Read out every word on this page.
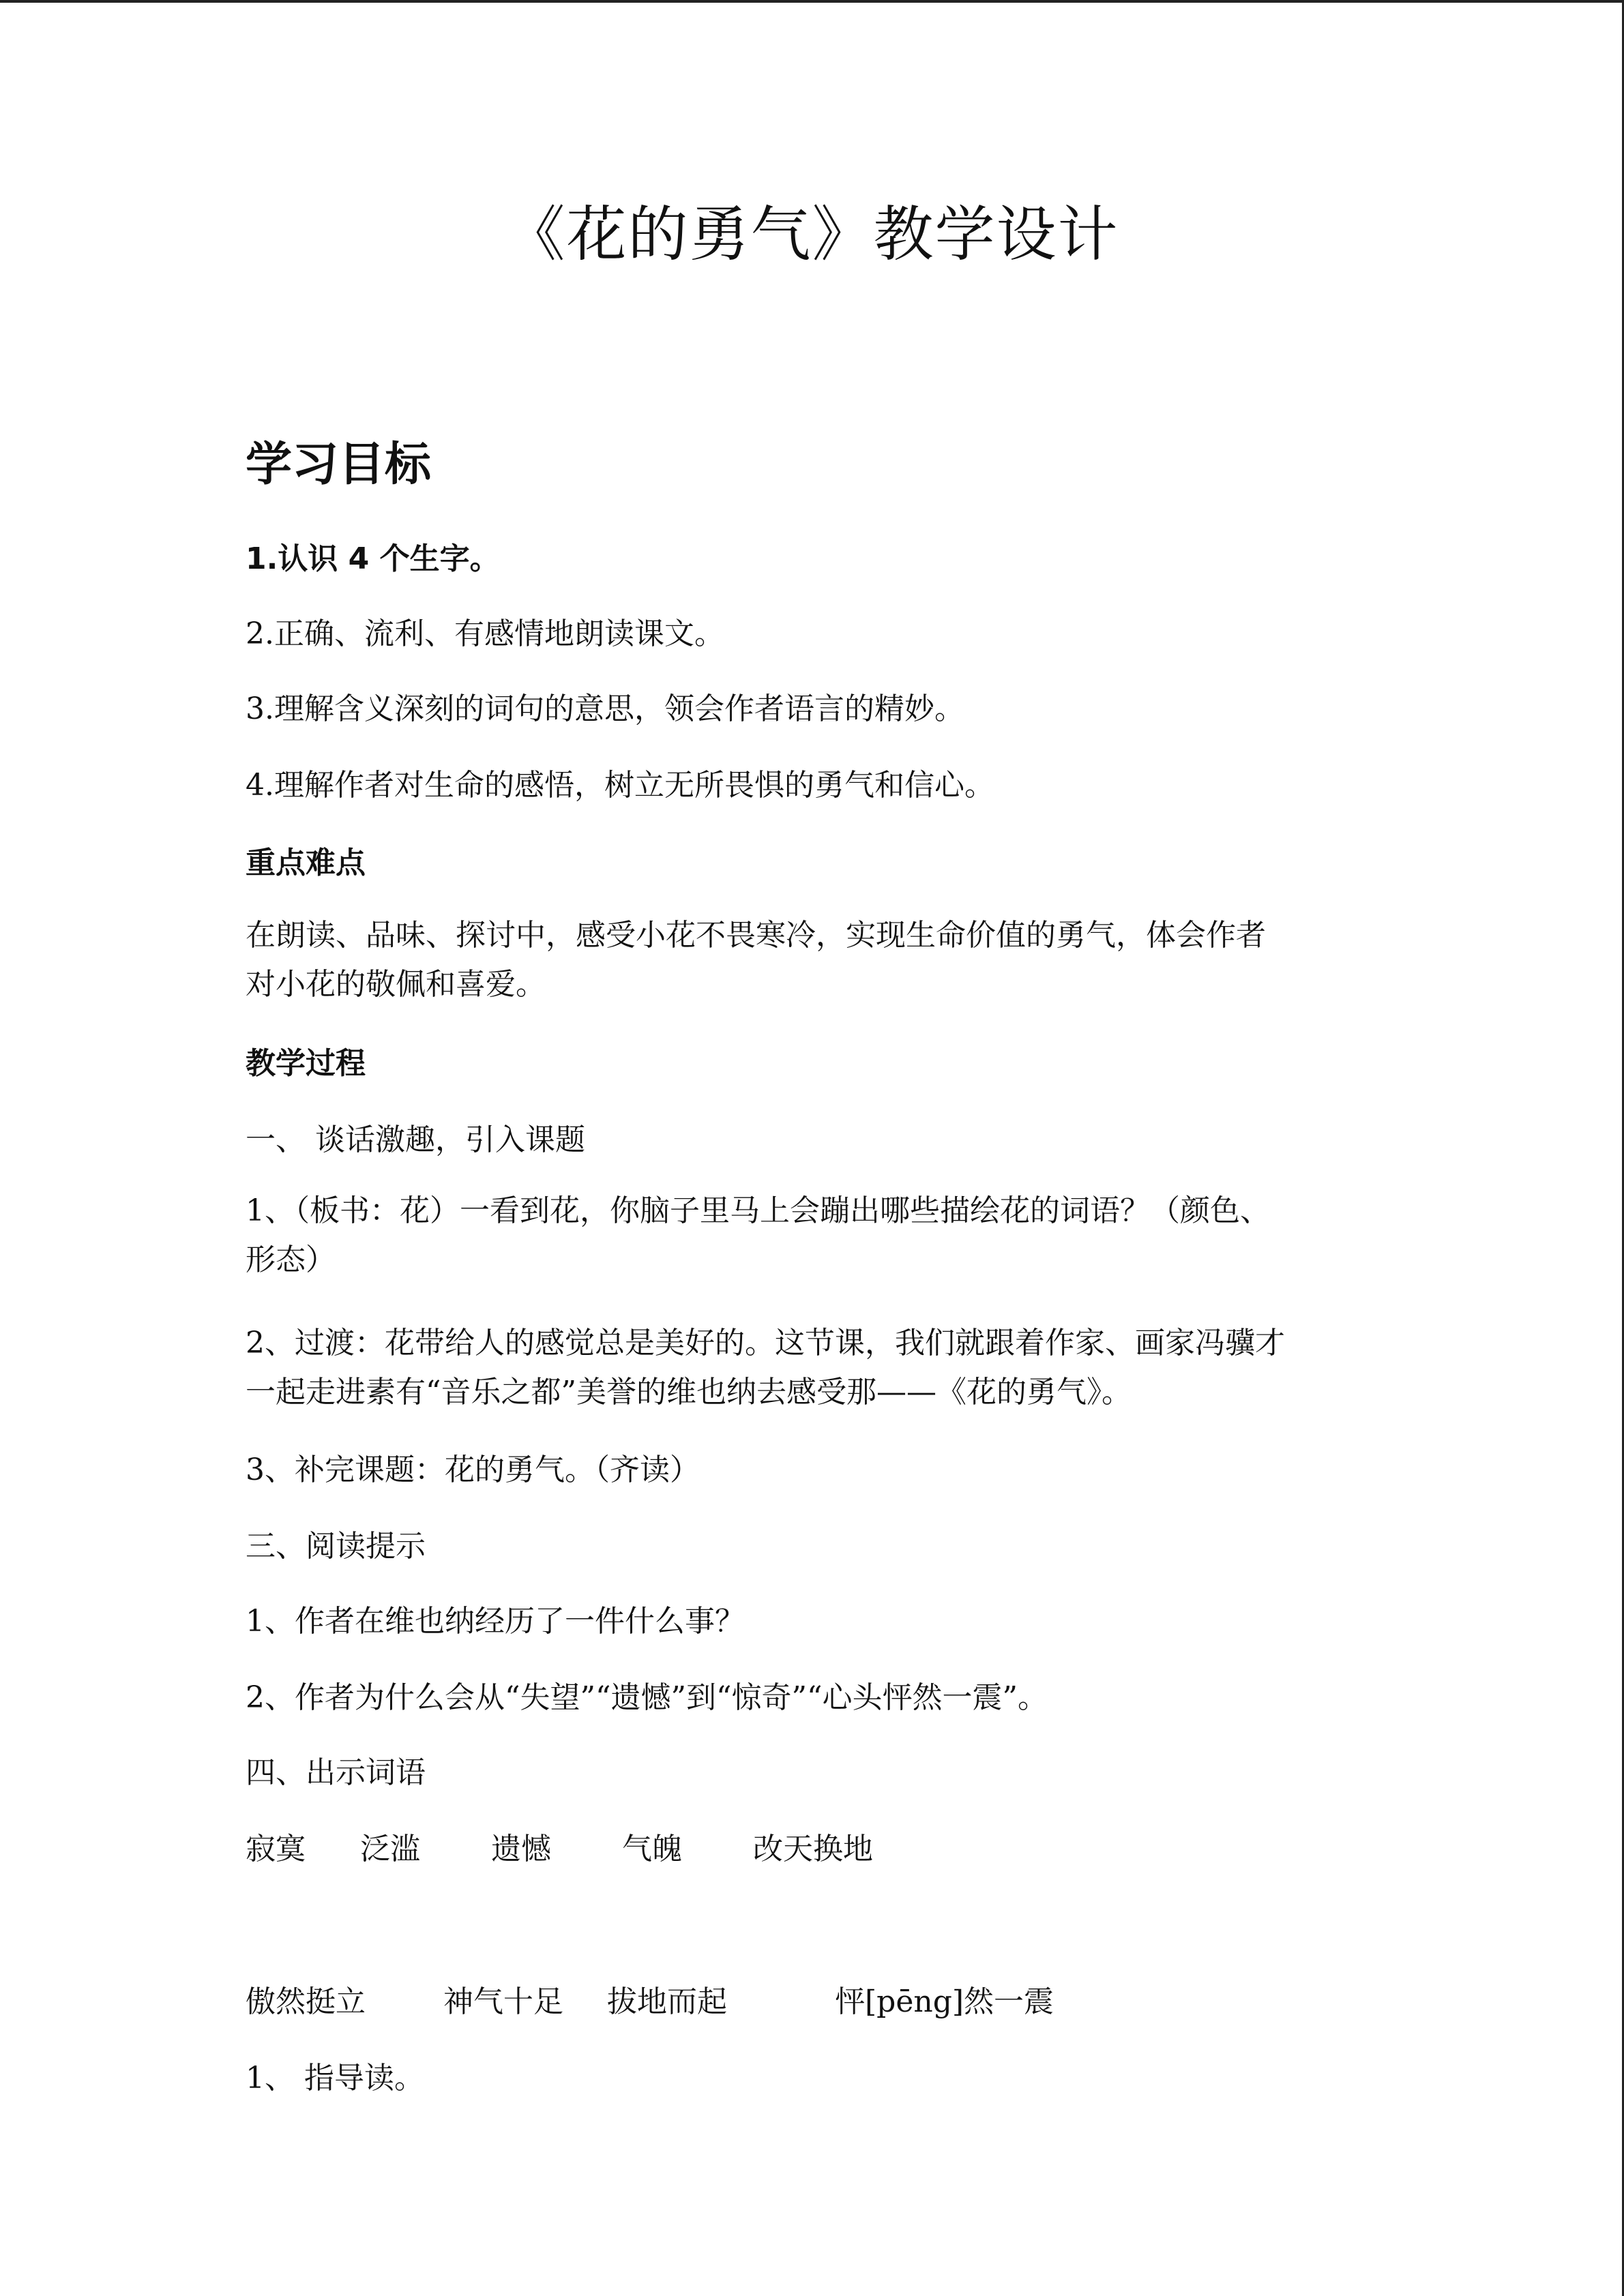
《花的勇气》教学设计
学习目标
1.认识 4 个生字。
2.正确、流利、有感情地朗读课文。
3.理解含义深刻的词句的意思，领会作者语言的精妙。
4.理解作者对生命的感悟，树立无所畏惧的勇气和信心。
重点难点
在朗读、品味、探讨中，感受小花不畏寒冷，实现生命价值的勇气，体会作者
对小花的敬佩和喜爱。
教学过程
一、 谈话激趣，引入课题
1、（板书：花）一看到花，你脑子里马上会蹦出哪些描绘花的词语？（颜色、
形态）
2、过渡：花带给人的感觉总是美好的。这节课，我们就跟着作家、画家冯骥才
一起走进素有“音乐之都”美誉的维也纳去感受那——《花的勇气》。
3、补完课题：花的勇气。（齐读）
三、阅读提示
1、作者在维也纳经历了一件什么事？
2、作者为什么会从“失望”“遗憾”到“惊奇”“心头怦然一震”。
四、出示词语
寂寞 泛滥 遗憾 气魄 改天换地
傲然挺立	神气十足 拔地而起	怦[pēng]然一震
1、 指导读。
